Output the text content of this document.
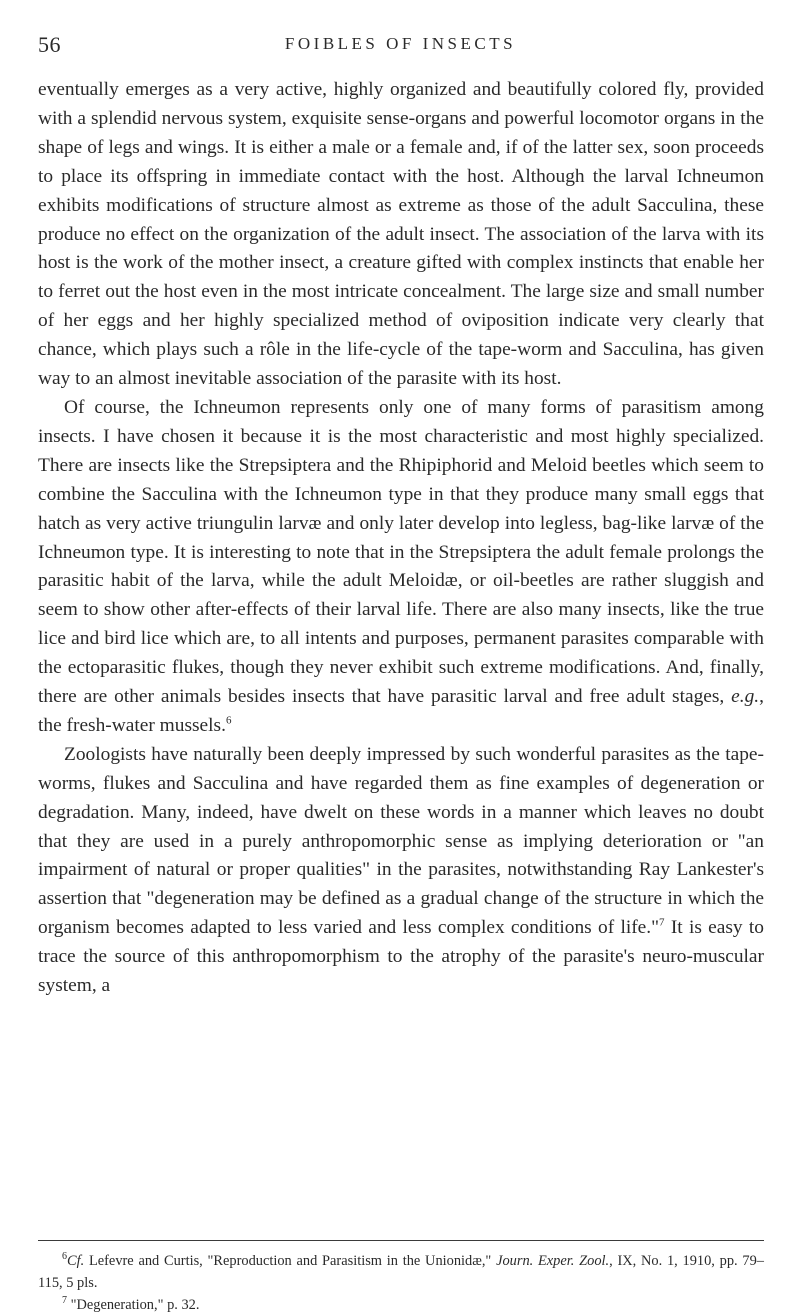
56	FOIBLES OF INSECTS

eventually emerges as a very active, highly organized and beautifully colored fly, provided with a splendid nervous system, exquisite sense-organs and powerful locomotor organs in the shape of legs and wings. It is either a male or a female and, if of the latter sex, soon proceeds to place its offspring in immediate contact with the host. Although the larval Ichneumon exhibits modifications of structure almost as extreme as those of the adult Sacculina, these produce no effect on the organization of the adult insect. The association of the larva with its host is the work of the mother insect, a creature gifted with complex instincts that enable her to ferret out the host even in the most intricate concealment. The large size and small number of her eggs and her highly specialized method of oviposition indicate very clearly that chance, which plays such a rôle in the life-cycle of the tape-worm and Sacculina, has given way to an almost inevitable association of the parasite with its host.

Of course, the Ichneumon represents only one of many forms of parasitism among insects. I have chosen it because it is the most characteristic and most highly specialized. There are insects like the Strepsiptera and the Rhipiphorid and Meloid beetles which seem to combine the Sacculina with the Ichneumon type in that they produce many small eggs that hatch as very active triungulin larvæ and only later develop into legless, bag-like larvæ of the Ichneumon type. It is interesting to note that in the Strepsiptera the adult female prolongs the parasitic habit of the larva, while the adult Meloidæ, or oil-beetles are rather sluggish and seem to show other after-effects of their larval life. There are also many insects, like the true lice and bird lice which are, to all intents and purposes, permanent parasites comparable with the ectoparasitic flukes, though they never exhibit such extreme modifications. And, finally, there are other animals besides insects that have parasitic larval and free adult stages, e.g., the fresh-water mussels.$^6$

Zoologists have naturally been deeply impressed by such wonderful parasites as the tape-worms, flukes and Sacculina and have regarded them as fine examples of degeneration or degradation. Many, indeed, have dwelt on these words in a manner which leaves no doubt that they are used in a purely anthropomorphic sense as implying deterioration or "an impairment of natural or proper qualities" in the parasites, notwithstanding Ray Lankester's assertion that "degeneration may be defined as a gradual change of the structure in which the organism becomes adapted to less varied and less complex conditions of life."$^7$ It is easy to trace the source of this anthropomorphism to the atrophy of the parasite's neuro-muscular system, a

$^6$Cf. Lefevre and Curtis, "Reproduction and Parasitism in the Unionidæ," Journ. Exper. Zool., IX, No. 1, 1910, pp. 79–115, 5 pls.

$^7$ "Degeneration," p. 32.
